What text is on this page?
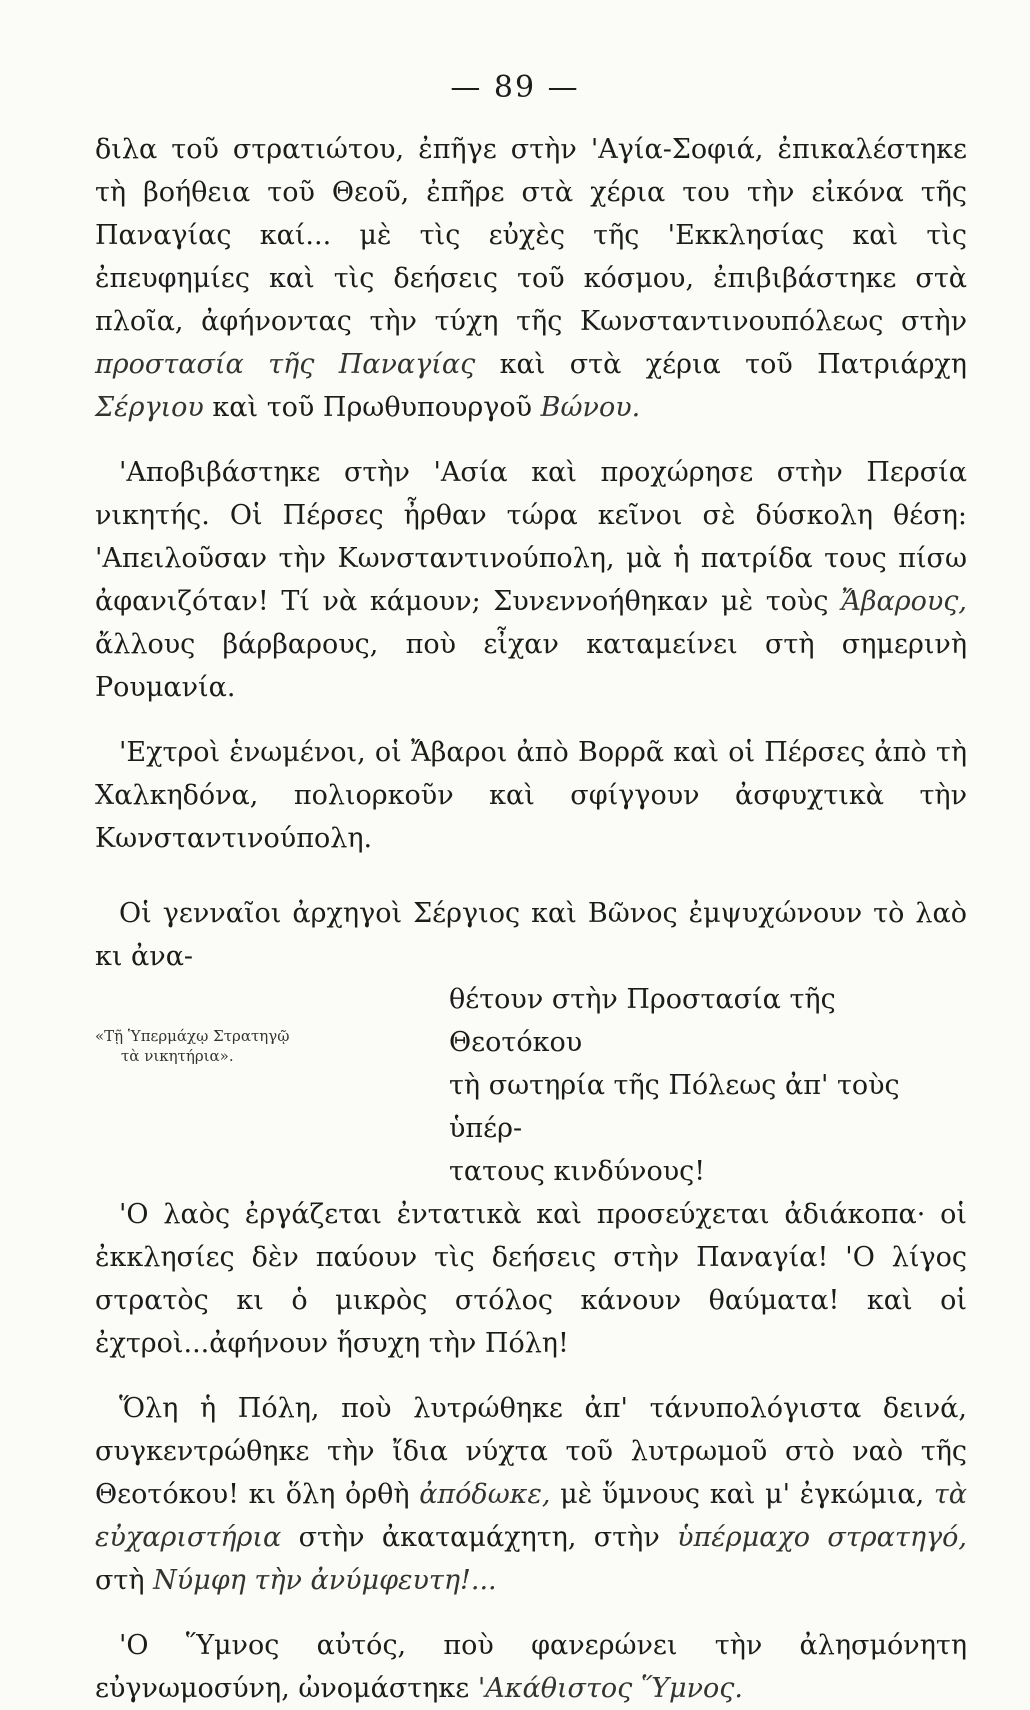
— 89 —

διλα τοῦ στρατιώτου, ἐπῆγε στὴν 'Αγία-Σοφιά, ἐπικαλέστηκε τὴ βοήθεια τοῦ Θεοῦ, ἐπῆρε στὰ χέρια του τὴν εἰκόνα τῆς Παναγίας καί... μὲ τὶς εὐχὲς τῆς 'Εκκλησίας καὶ τὶς ἐπευφημίες καὶ τὶς δεήσεις τοῦ κόσμου, ἐπιβιβάστηκε στὰ πλοῖα, ἀφήνοντας τὴν τύχη τῆς Κωνσταντινουπόλεως στὴν προστασία τῆς Παναγίας καὶ στὰ χέρια τοῦ Πατριάρχη Σέργιου καὶ τοῦ Πρωθυπουργοῦ Βώνου.

'Αποβιβάστηκε στὴν 'Ασία καὶ προχώρησε στὴν Περσία νικητής. Οἱ Πέρσες ἦρθαν τώρα κεῖνοι σὲ δύσκολη θέση: 'Απειλοῦσαν τὴν Κωνσταντινούπολη, μὰ ἡ πατρίδα τους πίσω ἀφανιζόταν! Τί νὰ κάμουν; Συνεννοήθηκαν μὲ τοὺς Ἄβαρους, ἄλλους βάρβαρους, ποὺ εἶχαν καταμείνει στὴ σημερινὴ Ρουμανία.

'Εχτροὶ ἑνωμένοι, οἱ Ἄβαροι ἀπὸ Βορρᾶ καὶ οἱ Πέρσες ἀπὸ τὴ Χαλκηδόνα, πολιορκοῦν καὶ σφίγγουν ἀσφυχτικὰ τὴν Κωνσταντινούπολη.

Οἱ γενναῖοι ἀρχηγοὶ Σέργιος καὶ Βῶνος ἐμψυχώνουν τὸ λαὸ κι ἀνα-

«Τῇ Ὑπερμάχῳ Στρατηγῷ
τὰ νικητήρια».
θέτουν στὴν Προστασία τῆς Θεοτόκου
τὴ σωτηρία τῆς Πόλεως ἀπ' τοὺς ὑπέρ-
τατους κινδύνους!

'Ο λαὸς ἐργάζεται ἐντατικὰ καὶ προσεύχεται ἀδιάκοπα· οἱ ἐκκλησίες δὲν παύουν τὶς δεήσεις στὴν Παναγία! 'Ο λίγος στρατὸς κι ὁ μικρὸς στόλος κάνουν θαύματα! καὶ οἱ ἐχτροὶ...ἀφήνουν ἥσυχη τὴν Πόλη!

Ὅλη ἡ Πόλη, ποὺ λυτρώθηκε ἀπ' τάνυπολόγιστα δεινά, συγκεντρώθηκε τὴν ἴδια νύχτα τοῦ λυτρωμοῦ στὸ ναὸ τῆς Θεοτόκου! κι ὅλη ὀρθὴ ἀπόδωκε, μὲ ὕμνους καὶ μ' ἐγκώμια, τὰ εὐχαριστήρια στὴν ἀκαταμάχητη, στὴν ὑπέρμαχο στρατηγό, στὴ Νύμφη τὴν ἀνύμφευτη!...

'Ο Ὕμνος αὐτός, ποὺ φανερώνει τὴν ἀλησμόνητη εὐγνωμοσύνη, ὠνομάστηκε 'Ακάθιστος Ὕμνος.
